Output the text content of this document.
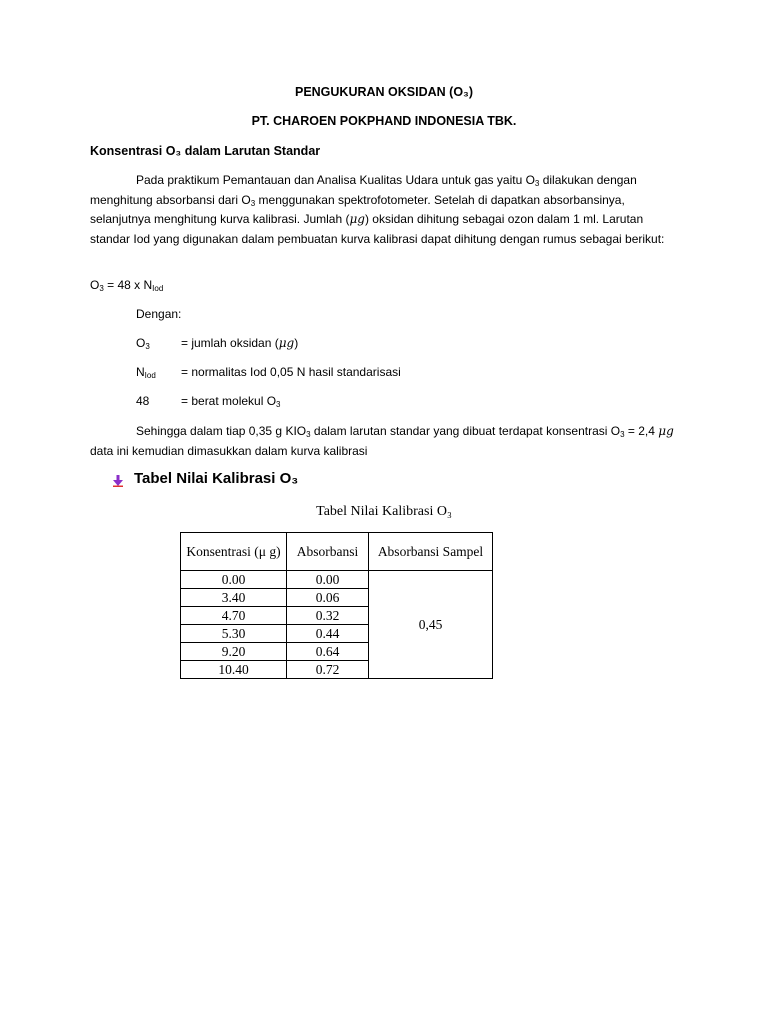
PENGUKURAN OKSIDAN (O₃)
PT. CHAROEN POKPHAND INDONESIA TBK.
Konsentrasi O₃ dalam Larutan Standar
Pada praktikum Pemantauan dan Analisa Kualitas Udara untuk gas yaitu $O_3$ dilakukan dengan menghitung absorbansi dari $O_3$ menggunakan spektrofotometer. Setelah di dapatkan absorbansinya, selanjutnya menghitung kurva kalibrasi. Jumlah (μg) oksidan dihitung sebagai ozon dalam 1 ml. Larutan standar Iod yang digunakan dalam pembuatan kurva kalibrasi dapat dihitung dengan rumus sebagai berikut:
$O_3 = 48$ x $N_{Iod}$
Dengan:
$O_3$	= jumlah oksidan (μg)
$N_{Iod}$ = normalitas Iod 0,05 N hasil standarisasi
48	= berat molekul $O_3$
Sehingga dalam tiap 0,35 g $KIO_3$ dalam larutan standar yang dibuat terdapat konsentrasi $O_3 = 2,4$ μg data ini kemudian dimasukkan dalam kurva kalibrasi
Tabel Nilai Kalibrasi O₃
Tabel Nilai Kalibrasi O₃
Konsentrasi (μ g)	Absorbansi	Absorbansi Sampel
0.00	0.00	0,45
3.40	0.06	
4.70	0.32	
5.30	0.44	
9.20	0.64	
10.40	0.72	
